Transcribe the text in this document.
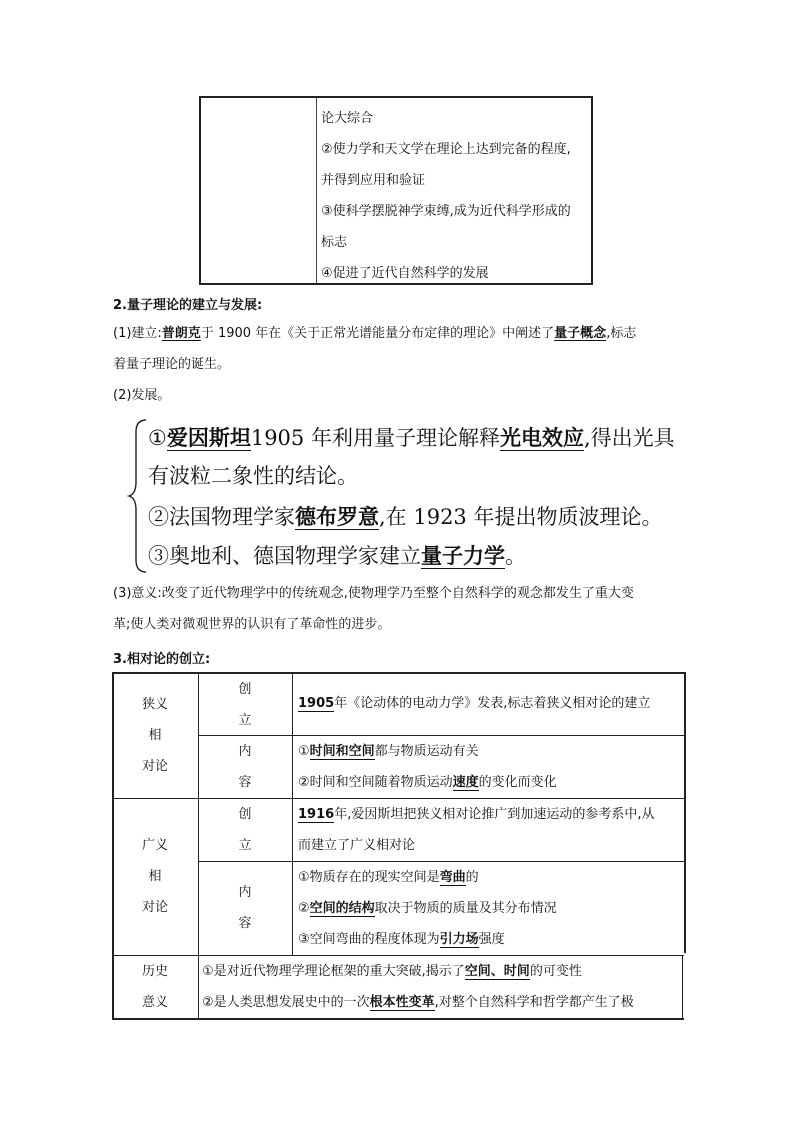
论大综合
②使力学和天文学在理论上达到完备的程度,
并得到应用和验证
③使科学摆脱神学束缚,成为近代科学形成的
标志
④促进了近代自然科学的发展
2.量子理论的建立与发展:
(1)建立:普朗克于 1900 年在《关于正常光谱能量分布定律的理论》中阐述了量子概念,标志
着量子理论的诞生。
(2)发展。
①爱因斯坦1905 年利用量子理论解释光电效应,得出光具
有波粒二象性的结论。
②法国物理学家德布罗意,在 1923 年提出物质波理论。
③奥地利、德国物理学家建立量子力学。
(3)意义:改变了近代物理学中的传统观念,使物理学乃至整个自然科学的观念都发生了重大变
革;使人类对微观世界的认识有了革命性的进步。
3.相对论的创立:
狭义
相
对论
创
立
1905年《论动体的电动力学》发表,标志着狭义相对论的建立
内
容
①时间和空间都与物质运动有关
②时间和空间随着物质运动速度的变化而变化
广义
相
对论
创
立
1916年,爱因斯坦把狭义相对论推广到加速运动的参考系中,从
而建立了广义相对论
内
容
①物质存在的现实空间是弯曲的
②空间的结构取决于物质的质量及其分布情况
③空间弯曲的程度体现为引力场强度
历史
意义
①是对近代物理学理论框架的重大突破,揭示了空间、时间的可变性
②是人类思想发展史中的一次根本性变革,对整个自然科学和哲学都产生了极
